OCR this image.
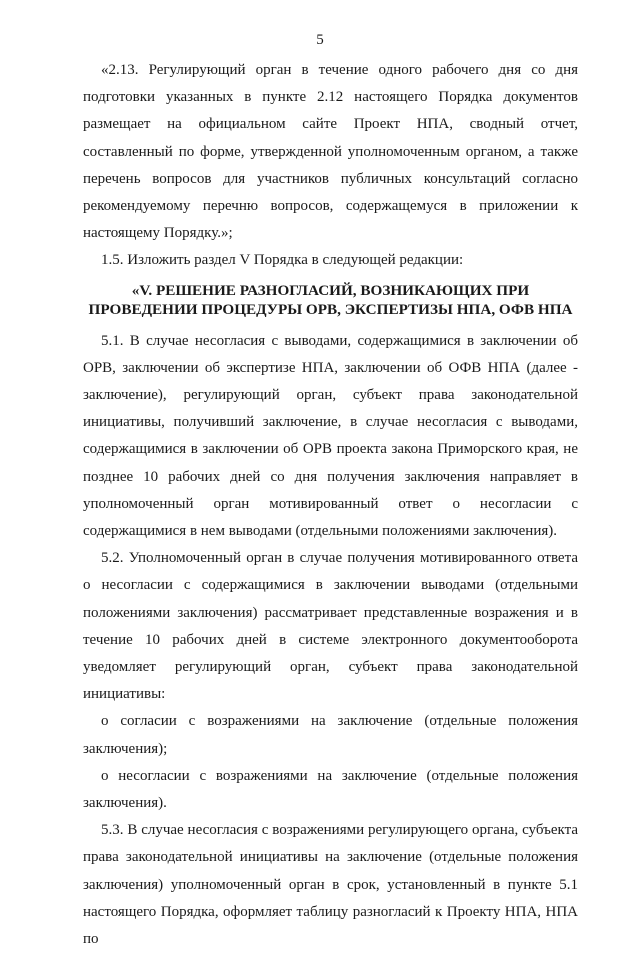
5

«2.13. Регулирующий орган в течение одного рабочего дня со дня подготовки указанных в пункте 2.12 настоящего Порядка документов размещает на официальном сайте Проект НПА, сводный отчет, составленный по форме, утвержденной уполномоченным органом, а также перечень вопросов для участников публичных консультаций согласно рекомендуемому перечню вопросов, содержащемуся в приложении к настоящему Порядку.»;

1.5. Изложить раздел V Порядка в следующей редакции:

«V. РЕШЕНИЕ РАЗНОГЛАСИЙ, ВОЗНИКАЮЩИХ ПРИ
ПРОВЕДЕНИИ ПРОЦЕДУРЫ ОРВ, ЭКСПЕРТИЗЫ НПА, ОФВ НПА

5.1. В случае несогласия с выводами, содержащимися в заключении об ОРВ, заключении об экспертизе НПА, заключении об ОФВ НПА (далее - заключение), регулирующий орган, субъект права законодательной инициативы, получивший заключение, в случае несогласия с выводами, содержащимися в заключении об ОРВ проекта закона Приморского края, не позднее 10 рабочих дней со дня получения заключения направляет в уполномоченный орган мотивированный ответ о несогласии с содержащимися в нем выводами (отдельными положениями заключения).

5.2. Уполномоченный орган в случае получения мотивированного ответа о несогласии с содержащимися в заключении выводами (отдельными положениями заключения) рассматривает представленные возражения и в течение 10 рабочих дней в системе электронного документооборота уведомляет регулирующий орган, субъект права законодательной инициативы:

о согласии с возражениями на заключение (отдельные положения заключения);

о несогласии с возражениями на заключение (отдельные положения заключения).

5.3. В случае несогласия с возражениями регулирующего органа, субъекта права законодательной инициативы на заключение (отдельные положения заключения) уполномоченный орган в срок, установленный в пункте 5.1 настоящего Порядка, оформляет таблицу разногласий к Проекту НПА, НПА по
